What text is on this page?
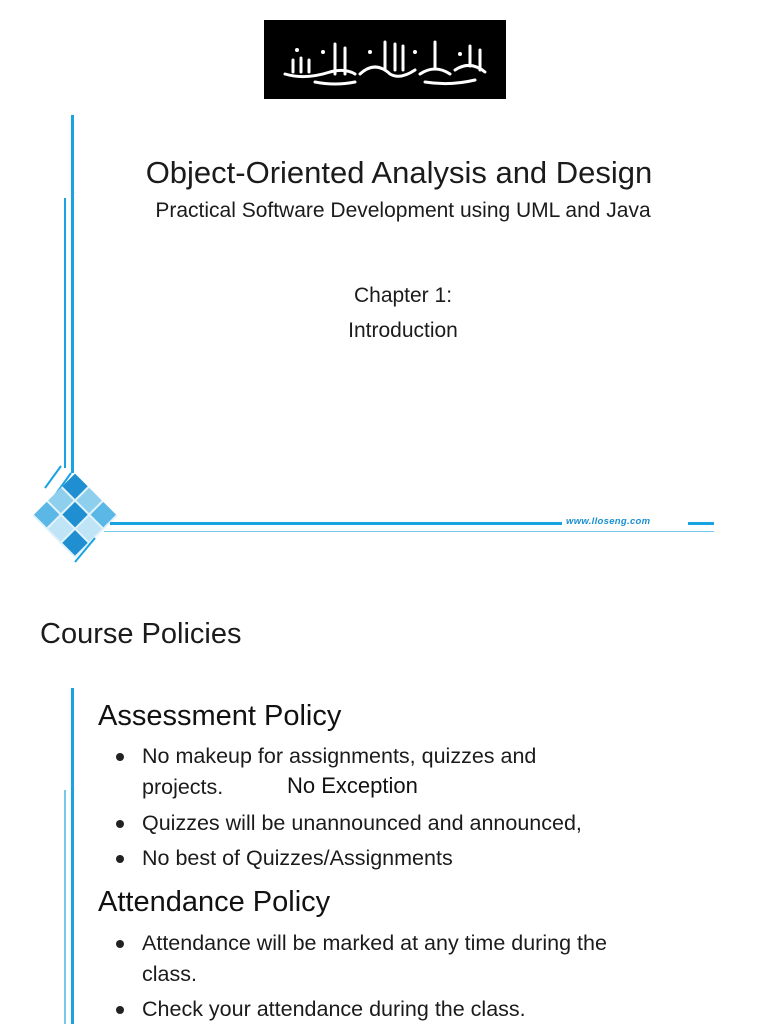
www.lloseng.com
Object-Oriented Analysis and Design
Practical Software Development using UML and Java
Chapter 1:
Introduction
Course Policies
Assessment Policy
No makeup for assignments, quizzes and
projects.	No Exception
Quizzes will be unannounced and announced,
No best of Quizzes/Assignments
Attendance Policy
Attendance will be marked at any time during the
class.
Check your attendance during the class.
